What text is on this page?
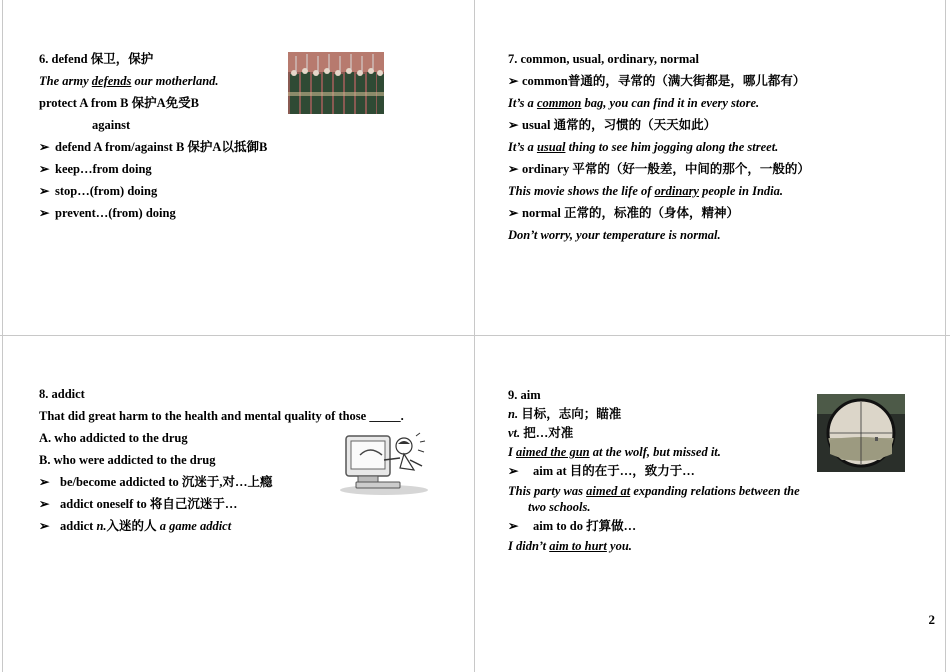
6. defend 保卫，保护
The army defends our motherland.
protect A from B 保护A免受B
against
➢ defend A from/against B 保护A以抵御B
➢ keep…from doing
➢ stop…(from) doing
➢ prevent…(from) doing
7. common, usual, ordinary, normal
➢ common普通的，寻常的（满大街都是，哪儿都有）
It’s a common bag, you can find it in every store.
➢ usual 通常的，习惯的（天天如此）
It’s a usual thing to see him jogging along the street.
➢ ordinary 平常的（好一般差，中间的那个，一般的）
This movie shows the life of ordinary people in India.
➢ normal 正常的，标准的（身体，精神）
Don’t worry, your temperature is normal.
8. addict
That did great harm to the health and mental quality of those _____.
A. who addicted to the drug
B. who were addicted to the drug
➢ be/become addicted to 沉迷于,对…上瘾
➢ addict oneself to 将自己沉迷于…
➢ addict n.入迷的人 a game addict
9. aim
n. 目标，志向；瞄准
vt. 把…对准
I aimed the gun at the wolf, but missed it.
➢ aim at 目的在于…，致力于…
This party was aimed at expanding relations between the
two schools.
➢ aim to do 打算做…
I didn’t aim to hurt you.
2
